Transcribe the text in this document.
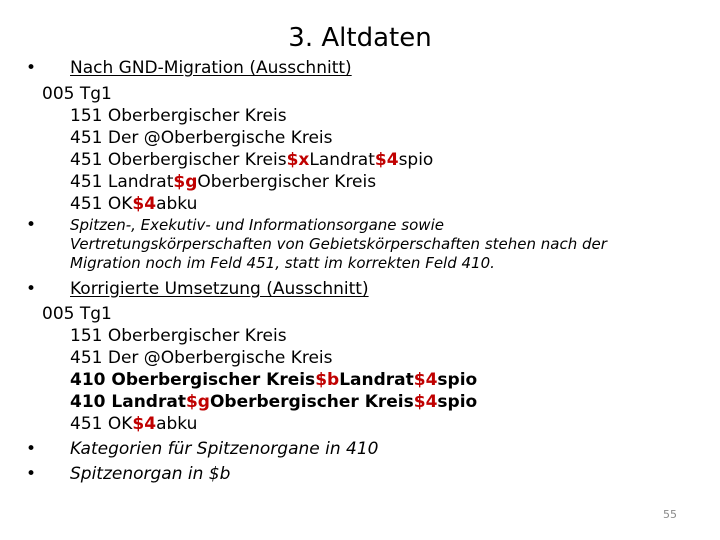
3. Altdaten
• Nach GND-Migration (Ausschnitt)
005 Tg1
151 Oberbergischer Kreis
451 Der @Oberbergische Kreis
451 Oberbergischer Kreis$xLandrat$4spio
451 Landrat$gOberbergischer Kreis
451 OK$4abku
• Spitzen-, Exekutiv- und Informationsorgane sowie
Vertretungskörperschaften von Gebietskörperschaften stehen nach der
Migration noch im Feld 451, statt im korrekten Feld 410.
• Korrigierte Umsetzung (Ausschnitt)
005 Tg1
151 Oberbergischer Kreis
451 Der @Oberbergische Kreis
410 Oberbergischer Kreis$bLandrat$4spio
410 Landrat$gOberbergischer Kreis$4spio
451 OK$4abku
• Kategorien für Spitzenorgane in 410
• Spitzenorgan in $b
55
